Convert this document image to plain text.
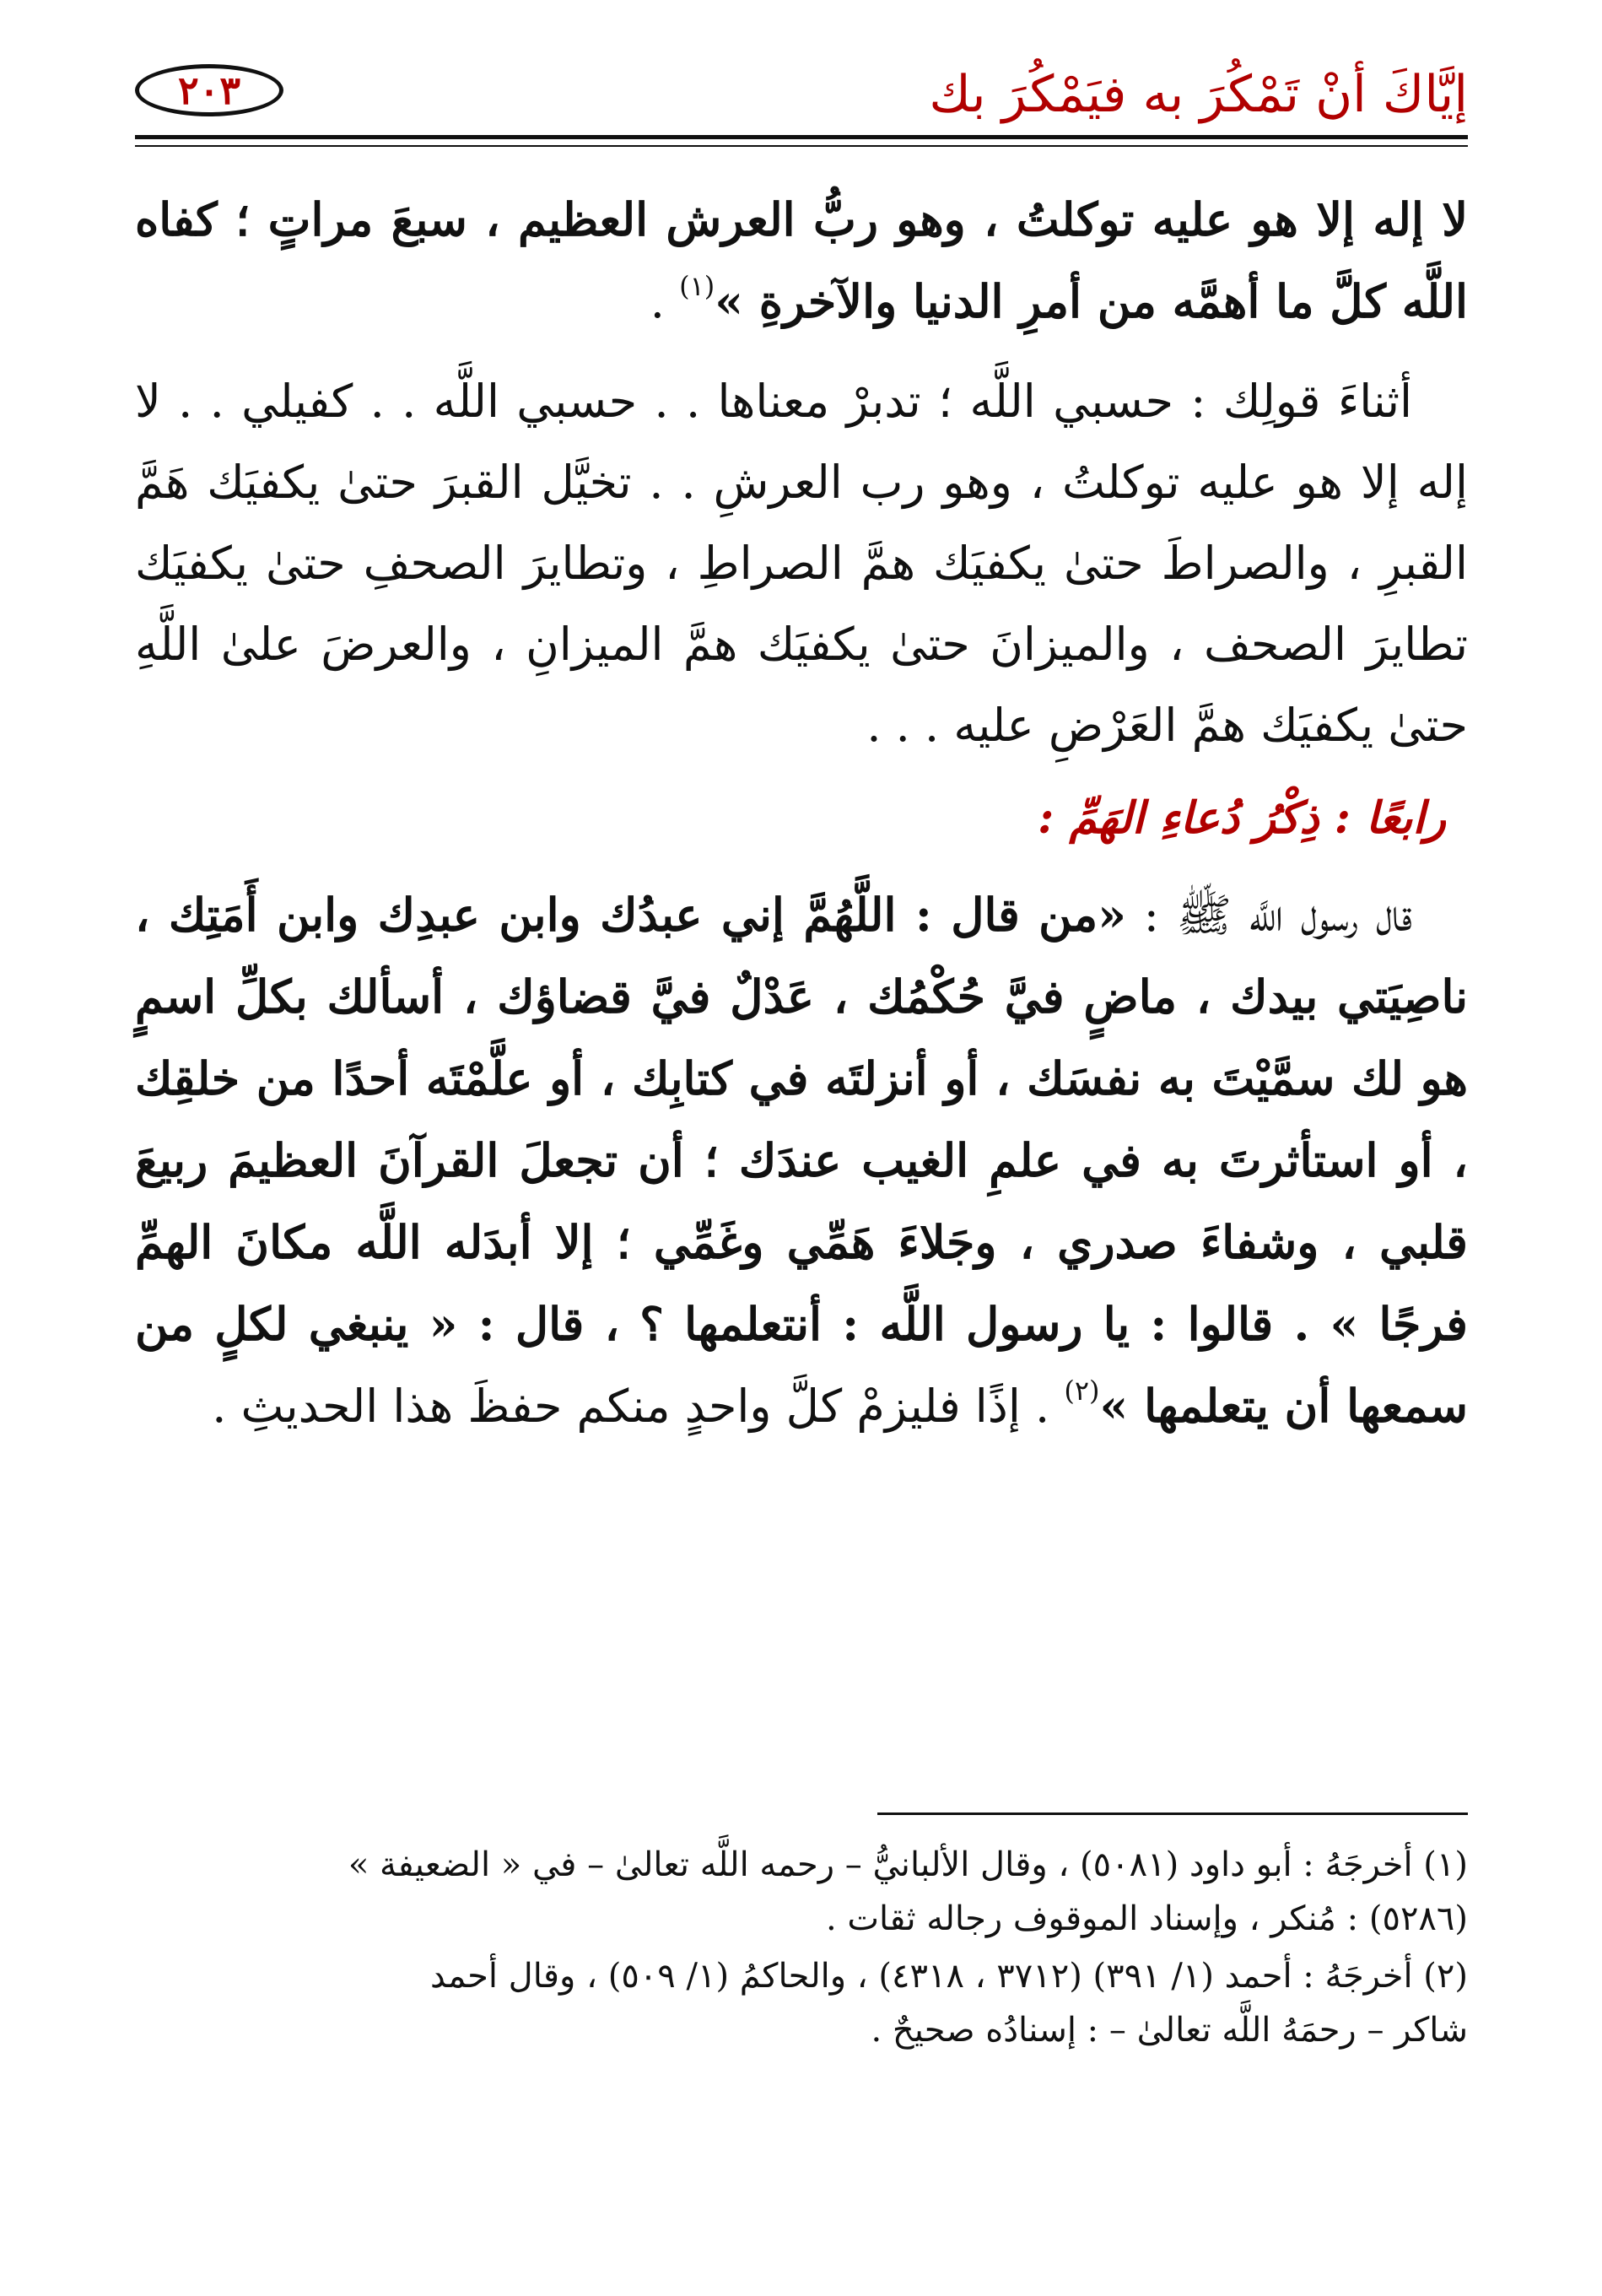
إيَّاكَ أنْ تَمْكُرَ به فيَمْكُرَ بك
٢٠٣

لا إله إلا هو عليه توكلتُ ، وهو ربُّ العرش العظيم ، سبعَ مراتٍ ؛ كفاه اللَّه كلَّ ما أهمَّه من أمرِ الدنيا والآخرةِ »$^{(١)}$ .

أثناءَ قولِك : حسبي اللَّه ؛ تدبرْ معناها . . حسبي اللَّه . . كفيلي . . لا إله إلا هو عليه توكلتُ ، وهو رب العرشِ . . تخيَّل القبرَ حتىٰ يكفيَك هَمَّ القبرِ ، والصراطَ حتىٰ يكفيَك همَّ الصراطِ ، وتطايرَ الصحفِ حتىٰ يكفيَك تطايرَ الصحف ، والميزانَ حتىٰ يكفيَك همَّ الميزانِ ، والعرضَ علىٰ اللَّهِ حتىٰ يكفيَك همَّ العَرْضِ عليه . . .

رابعًا : ذِكْرُ دُعاءِ الهَمِّ :

قال رسول اللَّه ﷺ : «من قال : اللَّهُمَّ إني عبدُك وابن عبدِك وابن أَمَتِك ، ناصِيَتي بيدك ، ماضٍ فيَّ حُكْمُك ، عَدْلٌ فيَّ قضاؤك ، أسألك بكلِّ اسمٍ هو لك سمَّيْتَ به نفسَك ، أو أنزلتَه في كتابِك ، أو علَّمْتَه أحدًا من خلقِك ، أو استأثرتَ به في علمِ الغيب عندَك ؛ أن تجعلَ القرآنَ العظيمَ ربيعَ قلبي ، وشفاءَ صدري ، وجَلاءَ هَمِّي وغَمِّي ؛ إلا أبدَله اللَّه مكانَ الهمِّ فرجًا » . قالوا : يا رسول اللَّه : أنتعلمها ؟ ، قال : « ينبغي لكلٍ من سمعها أن يتعلمها »$^{(٢)}$ . إذًا فليزمْ كلَّ واحدٍ منكم حفظَ هذا الحديثِ .

(١) أخرجَهُ : أبو داود (٥٠٨١) ، وقال الألبانيُّ – رحمه اللَّه تعالىٰ – في « الضعيفة »
(٥٢٨٦) : مُنكر ، وإسناد الموقوف رجاله ثقات .

(٢) أخرجَهُ : أحمد (١/ ٣٩١) (٣٧١٢ ، ٤٣١٨) ، والحاكمُ (١/ ٥٠٩) ، وقال أحمد
شاكر – رحمَهُ اللَّه تعالىٰ – : إسنادُه صحيحٌ .
